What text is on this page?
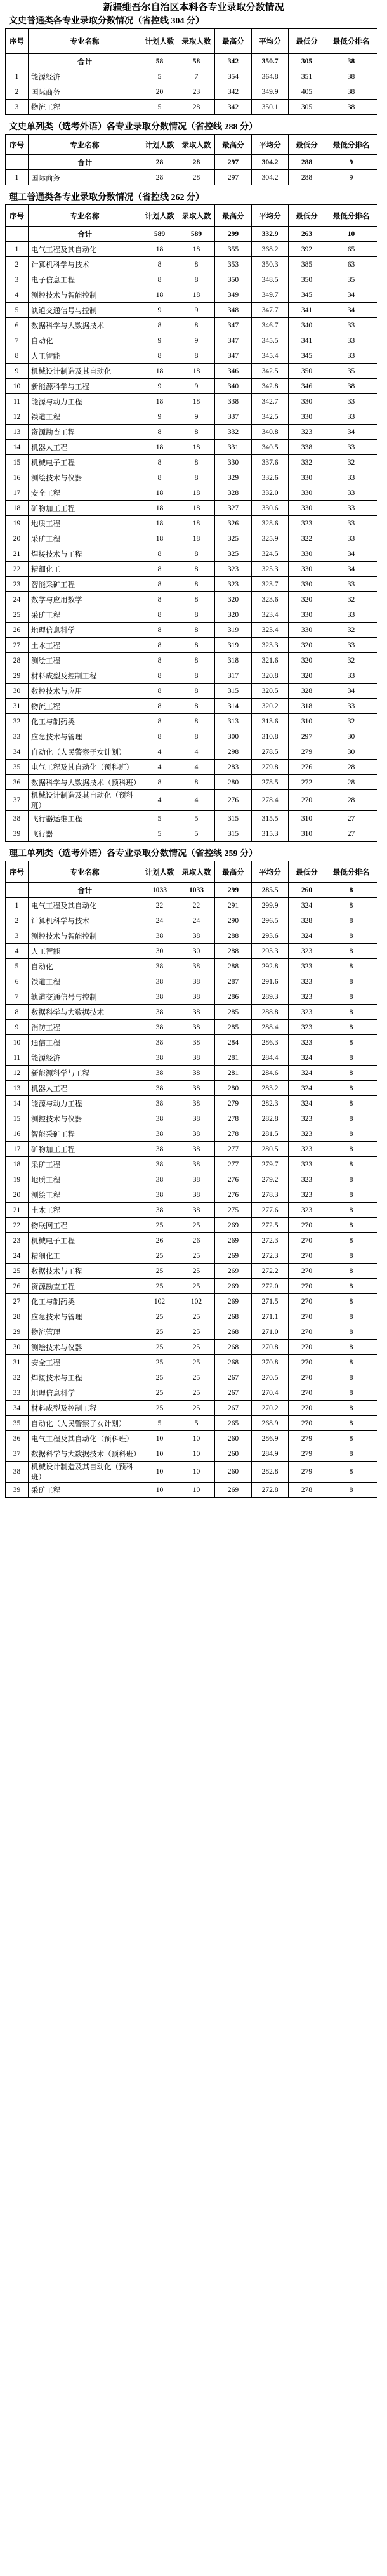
新疆维吾尔自治区本科各专业录取分数情况
文史普通类各专业录取分数情况（省控线 304 分）
序号	专业名称	计划人数	录取人数	最高分	平均分	最低分	最低分排名
	合计	58	58	342	350.7	305	38
1	能源经济	5	7	354	364.8	351	38
2	国际商务	20	23	342	349.9	405	38
3	物流工程	5	28	342	350.1	305	38
文史单列类（选考外语）各专业录取分数情况（省控线 288 分）
序号	专业名称	计划人数	录取人数	最高分	平均分	最低分	最低分排名
	合计	28	28	297	304.2	288	9
1	国际商务	28	28	297	304.2	288	9
理工普通类各专业录取分数情况（省控线 262 分）
序号	专业名称	计划人数	录取人数	最高分	平均分	最低分	最低分排名
	合计	589	589	299	332.9	263	10
1	电气工程及其自动化	18	18	355	368.2	392	65
2	计算机科学与技术	8	8	353	350.3	385	63
3	电子信息工程	8	8	350	348.5	350	35
4	测控技术与智能控制	18	18	349	349.7	345	34
5	轨道交通信号与控制	9	9	348	347.7	341	34
6	数据科学与大数据技术	8	8	347	346.7	340	33
7	自动化	9	9	347	345.5	341	33
8	人工智能	8	8	347	345.4	345	33
9	机械设计制造及其自动化	18	18	346	342.5	350	35
10	新能源科学与工程	9	9	340	342.8	346	38
11	能源与动力工程	18	18	338	342.7	330	33
12	铁道工程	9	9	337	342.5	330	33
13	资源勘查工程	8	8	332	340.8	323	34
14	机器人工程	18	18	331	340.5	338	33
15	机械电子工程	8	8	330	337.6	332	32
16	测绘技术与仪器	8	8	329	332.6	330	33
17	安全工程	18	18	328	332.0	330	33
18	矿物加工工程	18	18	327	330.6	330	33
19	地质工程	18	18	326	328.6	323	33
20	采矿工程	18	18	325	325.9	322	33
21	焊接技术与工程	8	8	325	324.5	330	34
22	精细化工	8	8	323	325.3	330	34
23	智能采矿工程	8	8	323	323.7	330	33
24	数学与应用数学	8	8	320	323.6	320	32
25	采矿工程	8	8	320	323.4	330	33
26	地理信息科学	8	8	319	323.4	330	32
27	土木工程	8	8	319	323.3	320	33
28	测绘工程	8	8	318	321.6	320	32
29	材料成型及控制工程	8	8	317	320.8	320	33
30	数控技术与应用	8	8	315	320.5	328	34
31	物流工程	8	8	314	320.2	318	33
32	化工与制药类	8	8	313	313.6	310	32
33	应急技术与管理	8	8	300	310.8	297	30
34	自动化（人民警察子女计划）	4	4	298	278.5	279	30
35	电气工程及其自动化（预科班）	4	4	283	279.8	276	28
36	数据科学与大数据技术（预科班）	8	8	280	278.5	272	28
37	机械设计制造及其自动化（预科班）	4	4	276	278.4	270	28
38	飞行器运维工程	5	5	315	315.5	310	27
39	飞行器	5	5	315	315.3	310	27
理工单列类（选考外语）各专业录取分数情况（省控线 259 分）
序号	专业名称	计划人数	录取人数	最高分	平均分	最低分	最低分排名
	合计	1033	1033	299	285.5	260	8
1	电气工程及其自动化	22	22	291	299.9	324	8
2	计算机科学与技术	24	24	290	296.5	328	8
3	测控技术与智能控制	38	38	288	293.6	324	8
4	人工智能	30	30	288	293.3	323	8
5	自动化	38	38	288	292.8	323	8
6	铁道工程	38	38	287	291.6	323	8
7	轨道交通信号与控制	38	38	286	289.3	323	8
8	数据科学与大数据技术	38	38	285	288.8	323	8
9	消防工程	38	38	285	288.4	323	8
10	通信工程	38	38	284	286.3	323	8
11	能源经济	38	38	281	284.4	324	8
12	新能源科学与工程	38	38	281	284.6	324	8
13	机器人工程	38	38	280	283.2	324	8
14	能源与动力工程	38	38	279	282.3	324	8
15	测控技术与仪器	38	38	278	282.8	323	8
16	智能采矿工程	38	38	278	281.5	323	8
17	矿物加工工程	38	38	277	280.5	323	8
18	采矿工程	38	38	277	279.7	323	8
19	地质工程	38	38	276	279.2	323	8
20	测绘工程	38	38	276	278.3	323	8
21	土木工程	38	38	275	277.6	323	8
22	物联网工程	25	25	269	272.5	270	8
23	机械电子工程	26	26	269	272.3	270	8
24	精细化工	25	25	269	272.3	270	8
25	数据技术与工程	25	25	269	272.2	270	8
26	资源勘查工程	25	25	269	272.0	270	8
27	化工与制药类	102	102	269	271.5	270	8
28	应急技术与管理	25	25	268	271.1	270	8
29	物流管理	25	25	268	271.0	270	8
30	测绘技术与仪器	25	25	268	270.8	270	8
31	安全工程	25	25	268	270.8	270	8
32	焊接技术与工程	25	25	267	270.5	270	8
33	地理信息科学	25	25	267	270.4	270	8
34	材料成型及控制工程	25	25	267	270.2	270	8
35	自动化（人民警察子女计划）	5	5	265	268.9	270	8
36	电气工程及其自动化（预科班）	10	10	260	286.9	279	8
37	数据科学与大数据技术（预科班）	10	10	260	284.9	279	8
38	机械设计制造及其自动化（预科班）	10	10	260	282.8	279	8
39	采矿工程	10	10	269	272.8	278	8
